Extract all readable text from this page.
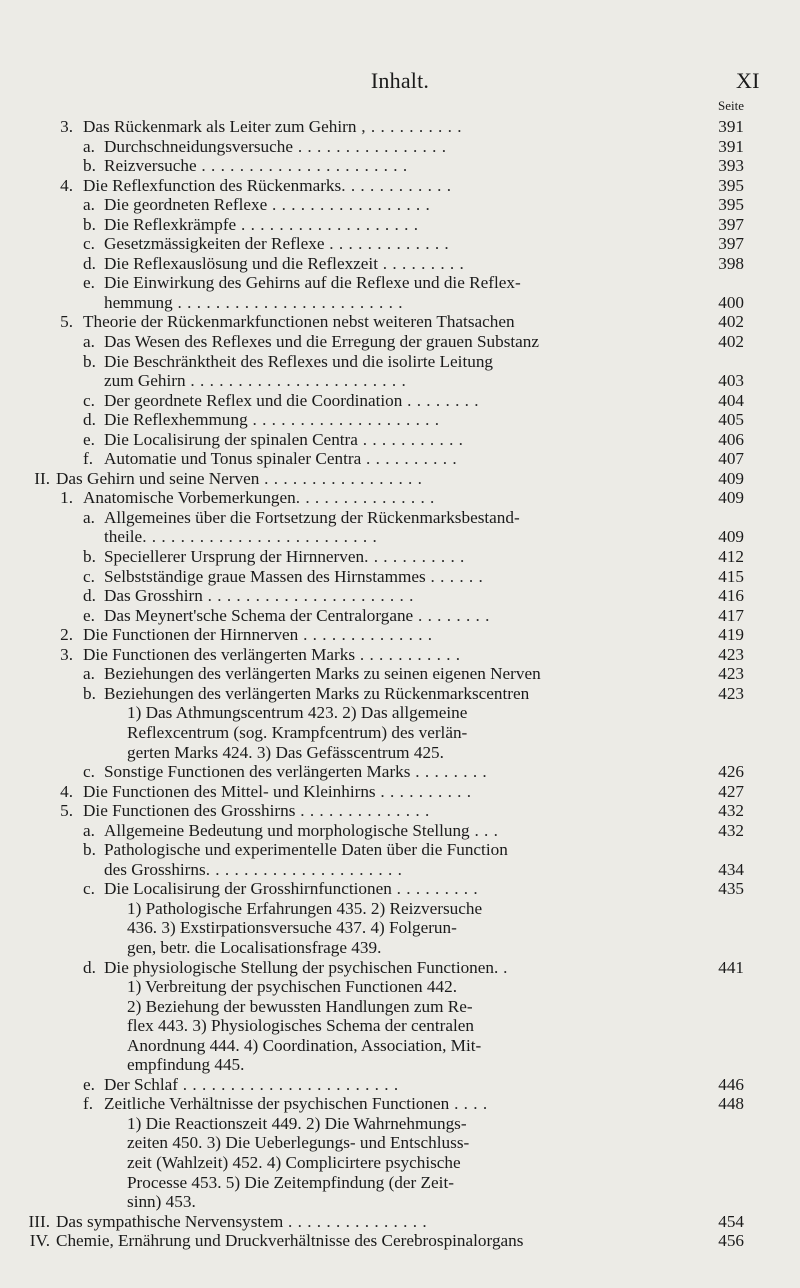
Inhalt.	XI
Seite
3. Das Rückenmark als Leiter zum Gehirn , . . . . . . . . . .	391
a. Durchschneidungsversuche . . . . . . . . . . . . . . . .	391
b. Reizversuche . . . . . . . . . . . . . . . . . . . . . .	393
4. Die Reflexfunction des Rückenmarks. . . . . . . . . . . .	395
a. Die geordneten Reflexe . . . . . . . . . . . . . . . . .	395
b. Die Reflexkrämpfe . . . . . . . . . . . . . . . . . . .	397
c. Gesetzmässigkeiten der Reflexe . . . . . . . . . . . . .	397
d. Die Reflexauslösung und die Reflexzeit . . . . . . . . .	398
e. Die Einwirkung des Gehirns auf die Reflexe und die Reflex-
hemmung . . . . . . . . . . . . . . . . . . . . . . . .	400
5. Theorie der Rückenmarkfunctionen nebst weiteren Thatsachen	402
a. Das Wesen des Reflexes und die Erregung der grauen Substanz	402
b. Die Beschränktheit des Reflexes und die isolirte Leitung
zum Gehirn . . . . . . . . . . . . . . . . . . . . . . .	403
c. Der geordnete Reflex und die Coordination . . . . . . . .	404
d. Die Reflexhemmung . . . . . . . . . . . . . . . . . . . .	405
e. Die Localisirung der spinalen Centra . . . . . . . . . . .	406
f. Automatie und Tonus spinaler Centra . . . . . . . . . .	407
II. Das Gehirn und seine Nerven . . . . . . . . . . . . . . . . .	409
1. Anatomische Vorbemerkungen. . . . . . . . . . . . . . .	409
a. Allgemeines über die Fortsetzung der Rückenmarksbestand-
theile. . . . . . . . . . . . . . . . . . . . . . . . .	409
b. Speciellerer Ursprung der Hirnnerven. . . . . . . . . . .	412
c. Selbstständige graue Massen des Hirnstammes . . . . . .	415
d. Das Grosshirn . . . . . . . . . . . . . . . . . . . . . .	416
e. Das Meynert'sche Schema der Centralorgane . . . . . . . .	417
2. Die Functionen der Hirnnerven . . . . . . . . . . . . . .	419
3. Die Functionen des verlängerten Marks . . . . . . . . . . .	423
a. Beziehungen des verlängerten Marks zu seinen eigenen Nerven	423
b. Beziehungen des verlängerten Marks zu Rückenmarkscentren	423
1) Das Athmungscentrum 423. 2) Das allgemeine
Reflexcentrum (sog. Krampfcentrum) des verlän-
gerten Marks 424. 3) Das Gefässcentrum 425.
c. Sonstige Functionen des verlängerten Marks . . . . . . . .	426
4. Die Functionen des Mittel- und Kleinhirns . . . . . . . . . .	427
5. Die Functionen des Grosshirns . . . . . . . . . . . . . .	432
a. Allgemeine Bedeutung und morphologische Stellung . . .	432
b. Pathologische und experimentelle Daten über die Function
des Grosshirns. . . . . . . . . . . . . . . . . . . . .	434
c. Die Localisirung der Grosshirnfunctionen . . . . . . . . .	435
1) Pathologische Erfahrungen 435. 2) Reizversuche
436. 3) Exstirpationsversuche 437. 4) Folgerun-
gen, betr. die Localisationsfrage 439.
d. Die physiologische Stellung der psychischen Functionen. .	441
1) Verbreitung der psychischen Functionen 442.
2) Beziehung der bewussten Handlungen zum Re-
flex 443. 3) Physiologisches Schema der centralen
Anordnung 444. 4) Coordination, Association, Mit-
empfindung 445.
e. Der Schlaf . . . . . . . . . . . . . . . . . . . . . . .	446
f. Zeitliche Verhältnisse der psychischen Functionen . . . .	448
1) Die Reactionszeit 449. 2) Die Wahrnehmungs-
zeiten 450. 3) Die Ueberlegungs- und Entschluss-
zeit (Wahlzeit) 452. 4) Complicirtere psychische
Processe 453. 5) Die Zeitempfindung (der Zeit-
sinn) 453.
III. Das sympathische Nervensystem . . . . . . . . . . . . . . .	454
IV. Chemie, Ernährung und Druckverhältnisse des Cerebrospinalorgans	456
